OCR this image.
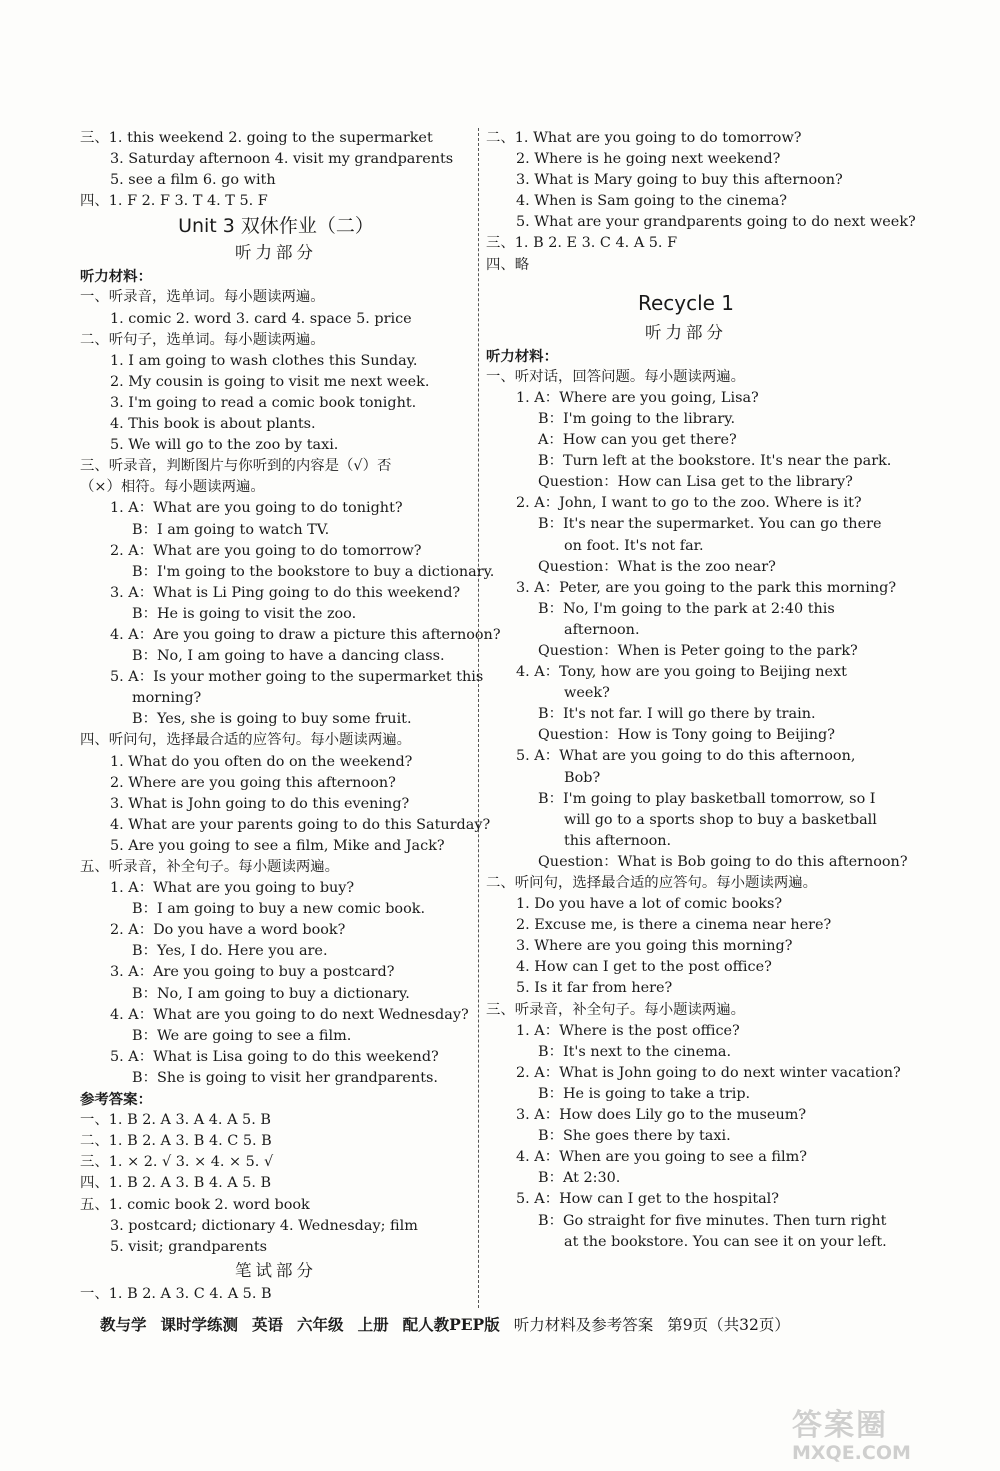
三、1. this weekend 2. going to the supermarket
3. Saturday afternoon 4. visit my grandparents
5. see a film 6. go with
四、1. F 2. F 3. T 4. T 5. F
Unit 3 双休作业（二）
听力部分
听力材料：
一、听录音，选单词。每小题读两遍。
1. comic 2. word 3. card 4. space 5. price
二、听句子，选单词。每小题读两遍。
1. I am going to wash clothes this Sunday.
2. My cousin is going to visit me next week.
3. I'm going to read a comic book tonight.
4. This book is about plants.
5. We will go to the zoo by taxi.
三、听录音，判断图片与你听到的内容是（√）否
（×）相符。每小题读两遍。
1. A：What are you going to do tonight?
B：I am going to watch TV.
2. A：What are you going to do tomorrow?
B：I'm going to the bookstore to buy a dictionary.
3. A：What is Li Ping going to do this weekend?
B：He is going to visit the zoo.
4. A：Are you going to draw a picture this afternoon?
B：No, I am going to have a dancing class.
5. A：Is your mother going to the supermarket this
morning?
B：Yes, she is going to buy some fruit.
四、听问句，选择最合适的应答句。每小题读两遍。
1. What do you often do on the weekend?
2. Where are you going this afternoon?
3. What is John going to do this evening?
4. What are your parents going to do this Saturday?
5. Are you going to see a film, Mike and Jack?
五、听录音，补全句子。每小题读两遍。
1. A：What are you going to buy?
B：I am going to buy a new comic book.
2. A：Do you have a word book?
B：Yes, I do. Here you are.
3. A：Are you going to buy a postcard?
B：No, I am going to buy a dictionary.
4. A：What are you going to do next Wednesday?
B：We are going to see a film.
5. A：What is Lisa going to do this weekend?
B：She is going to visit her grandparents.
参考答案：
一、1. B 2. A 3. A 4. A 5. B
二、1. B 2. A 3. B 4. C 5. B
三、1. × 2. √ 3. × 4. × 5. √
四、1. B 2. A 3. B 4. A 5. B
五、1. comic book 2. word book
3. postcard; dictionary 4. Wednesday; film
5. visit; grandparents
笔试部分
一、1. B 2. A 3. C 4. A 5. B
二、1. What are you going to do tomorrow?
2. Where is he going next weekend?
3. What is Mary going to buy this afternoon?
4. When is Sam going to the cinema?
5. What are your grandparents going to do next week?
三、1. B 2. E 3. C 4. A 5. F
四、略
Recycle 1
听力部分
听力材料：
一、听对话，回答问题。每小题读两遍。
1. A：Where are you going, Lisa?
B：I'm going to the library.
A：How can you get there?
B：Turn left at the bookstore. It's near the park.
Question：How can Lisa get to the library?
2. A：John, I want to go to the zoo. Where is it?
B：It's near the supermarket. You can go there
on foot. It's not far.
Question：What is the zoo near?
3. A：Peter, are you going to the park this morning?
B：No, I'm going to the park at 2:40 this
afternoon.
Question：When is Peter going to the park?
4. A：Tony, how are you going to Beijing next
week?
B：It's not far. I will go there by train.
Question：How is Tony going to Beijing?
5. A：What are you going to do this afternoon,
Bob?
B：I'm going to play basketball tomorrow, so I
will go to a sports shop to buy a basketball
this afternoon.
Question：What is Bob going to do this afternoon?
二、听问句，选择最合适的应答句。每小题读两遍。
1. Do you have a lot of comic books?
2. Excuse me, is there a cinema near here?
3. Where are you going this morning?
4. How can I get to the post office?
5. Is it far from here?
三、听录音，补全句子。每小题读两遍。
1. A：Where is the post office?
B：It's next to the cinema.
2. A：What is John going to do next winter vacation?
B：He is going to take a trip.
3. A：How does Lily go to the museum?
B：She goes there by taxi.
4. A：When are you going to see a film?
B：At 2:30.
5. A：How can I get to the hospital?
B：Go straight for five minutes. Then turn right
at the bookstore. You can see it on your left.
教与学 课时学练测 英语 六年级 上册 配人教PEP版 听力材料及参考答案 第9页（共32页）
答案圈
MXQE.COM
